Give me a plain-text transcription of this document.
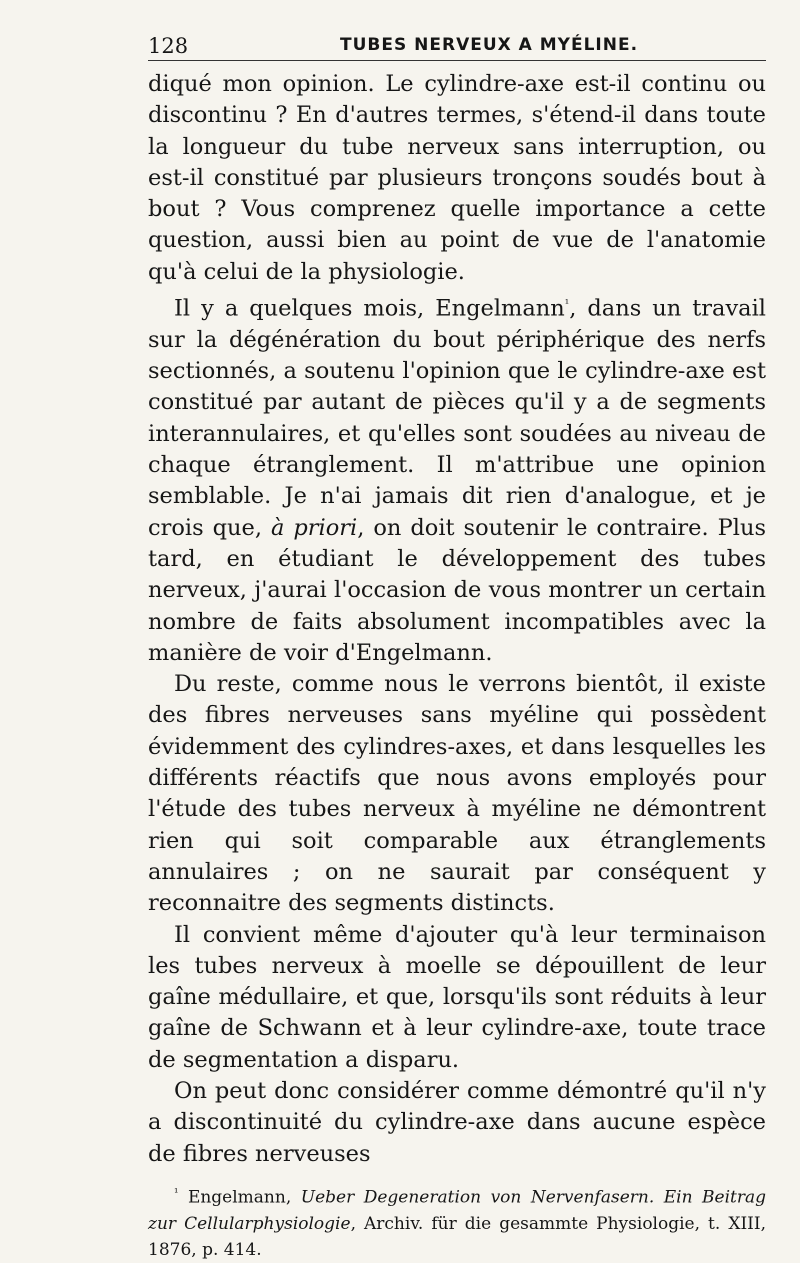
128	TUBES NERVEUX A MYÉLINE.

diqué mon opinion. Le cylindre-axe est-il continu ou discontinu ? En d'autres termes, s'étend-il dans toute la longueur du tube nerveux sans interruption, ou est-il constitué par plusieurs tronçons soudés bout à bout ? Vous comprenez quelle importance a cette question, aussi bien au point de vue de l'anatomie qu'à celui de la physiologie.

Il y a quelques mois, Engelmann$^{^1}$, dans un travail sur la dégénération du bout périphérique des nerfs sectionnés, a soutenu l'opinion que le cylindre-axe est constitué par autant de pièces qu'il y a de segments interannulaires, et qu'elles sont soudées au niveau de chaque étranglement. Il m'attribue une opinion semblable. Je n'ai jamais dit rien d'analogue, et je crois que, à priori, on doit soutenir le contraire. Plus tard, en étudiant le développement des tubes nerveux, j'aurai l'occasion de vous montrer un certain nombre de faits absolument incompatibles avec la manière de voir d'Engelmann.

Du reste, comme nous le verrons bientôt, il existe des fibres nerveuses sans myéline qui possèdent évidemment des cylindres-axes, et dans lesquelles les différents réactifs que nous avons employés pour l'étude des tubes nerveux à myéline ne démontrent rien qui soit comparable aux étranglements annulaires ; on ne saurait par conséquent y reconnaitre des segments distincts.

Il convient même d'ajouter qu'à leur terminaison les tubes nerveux à moelle se dépouillent de leur gaîne médullaire, et que, lorsqu'ils sont réduits à leur gaîne de Schwann et à leur cylindre-axe, toute trace de segmentation a disparu.

On peut donc considérer comme démontré qu'il n'y a discontinuité du cylindre-axe dans aucune espèce de fibres nerveuses

$^{^1}$ Engelmann, Ueber Degeneration von Nervenfasern. Ein Beitrag zur Cellularphysiologie, Archiv. für die gesammte Physiologie, t. XIII, 1876, p. 414.
